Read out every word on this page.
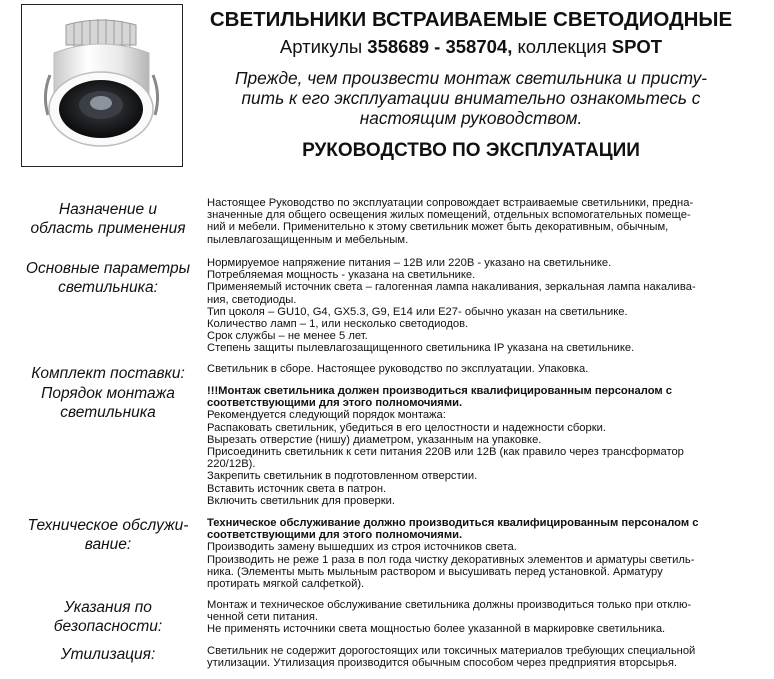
СВЕТИЛЬНИКИ ВСТРАИВАЕМЫЕ СВЕТОДИОДНЫЕ
Артикулы 358689 - 358704, коллекция SPOT
Прежде, чем произвести монтаж светильника и присту-
пить к его эксплуатации внимательно ознакомьтесь с
настоящим руководством.
РУКОВОДСТВО ПО ЭКСПЛУАТАЦИИ
Назначение и
область применения
Настоящее Руководство по эксплуатации сопровождает встраиваемые светильники, предна-
значенные для общего освещения жилых помещений, отдельных вспомогательных помеще-
ний и мебели. Применительно к этому светильник может быть декоративным, обычным,
пылевлагозащищенным и мебельным.
Основные параметры
светильника:
Нормируемое напряжение питания – 12В или 220В - указано на светильнике.
Потребляемая мощность - указана на светильнике.
Применяемый источник света – галогенная лампа накаливания, зеркальная лампа накалива-
ния, светодиоды.
Тип цоколя – GU10, G4, GX5.3, G9, E14 или E27- обычно указан на светильнике.
Количество ламп – 1, или несколько светодиодов.
Срок службы – не менее 5 лет.
Степень защиты пылевлагозащищенного светильника IP указана на светильнике.
Комплект поставки:	Светильник в сборе. Настоящее руководство по эксплуатации. Упаковка.
Порядок монтажа
светильника
!!!Монтаж светильника должен производиться квалифицированным персоналом с
соответствующими для этого полномочиями.
Рекомендуется следующий порядок монтажа:
Распаковать светильник, убедиться в его целостности и надежности сборки.
Вырезать отверстие (нишу) диаметром, указанным на упаковке.
Присоединить светильник к сети питания 220В или 12В (как правило через трансформатор
220/12В).
Закрепить светильник в подготовленном отверстии.
Вставить источник света в патрон.
Включить светильник для проверки.
Техническое обслужи-
вание:
Техническое обслуживание должно производиться квалифицированным персоналом с
соответствующими для этого полномочиями.
Производить замену вышедших из строя источников света.
Производить не реже 1 раза в пол года чистку декоративных элементов и арматуры светиль-
ника. (Элементы мыть мыльным раствором и высушивать перед установкой. Арматуру
протирать мягкой салфеткой).
Указания по
безопасности:
Монтаж и техническое обслуживание светильника должны производиться только при отклю-
ченной сети питания.
Не применять источники света мощностью более указанной в маркировке светильника.
Утилизация:	Светильник не содержит дорогостоящих или токсичных материалов требующих специальной
утилизации. Утилизация производится обычным способом через предприятия вторсырья.
